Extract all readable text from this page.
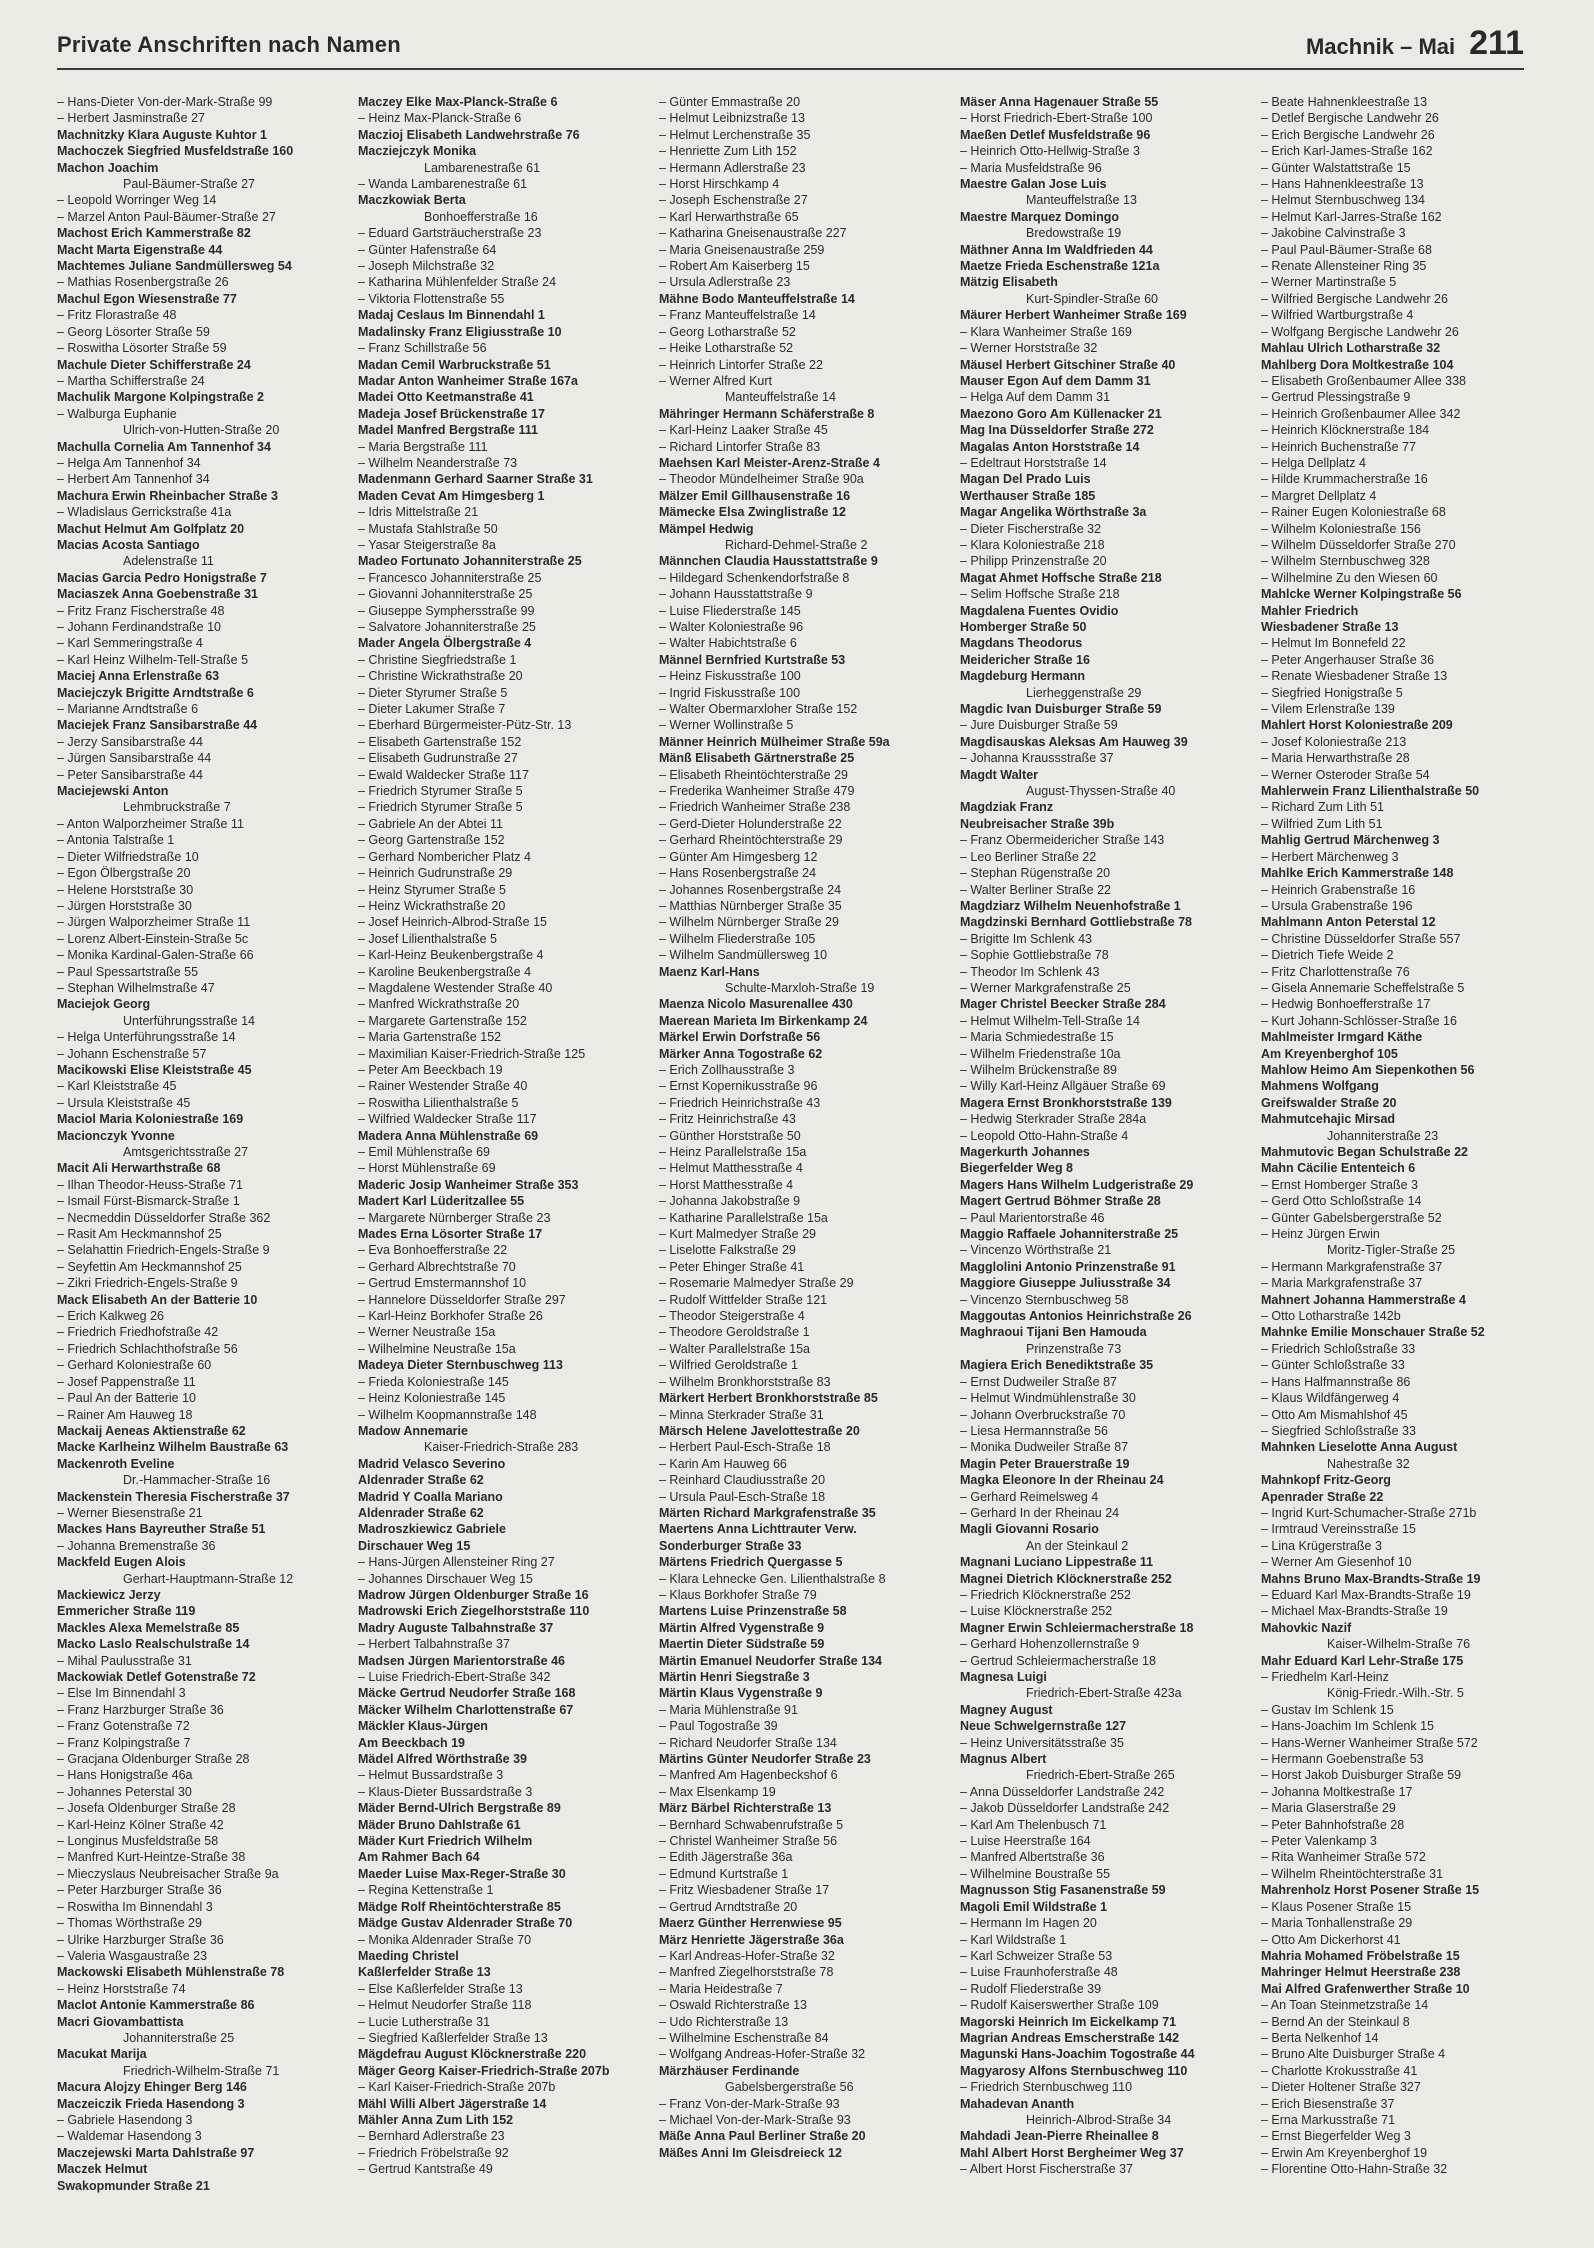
Private Anschriften nach Namen	Machnik – Mai 211
– Hans-Dieter Von-der-Mark-Straße 99
– Herbert Jasminstraße 27
Machnitzky Klara Auguste Kuhtor 1
Machoczek Siegfried Musfeldstraße 160
Machon Joachim
Paul-Bäumer-Straße 27
– Leopold Worringer Weg 14
– Marzel Anton Paul-Bäumer-Straße 27
Machost Erich Kammerstraße 82
Macht Marta Eigenstraße 44
Machtemes Juliane Sandmüllersweg 54
– Mathias Rosenbergstraße 26
Machul Egon Wiesenstraße 77
– Fritz Florastraße 48
– Georg Lösorter Straße 59
– Roswitha Lösorter Straße 59
Machule Dieter Schifferstraße 24
– Martha Schifferstraße 24
Machulik Margone Kolpingstraße 2
– Walburga Euphanie
Ulrich-von-Hutten-Straße 20
Machulla Cornelia Am Tannenhof 34
– Helga Am Tannenhof 34
– Herbert Am Tannenhof 34
Machura Erwin Rheinbacher Straße 3
– Wladislaus Gerrickstraße 41a
Machut Helmut Am Golfplatz 20
Macias Acosta Santiago
Adelenstraße 11
Macias Garcia Pedro Honigstraße 7
Maciaszek Anna Goebenstraße 31
– Fritz Franz Fischerstraße 48
– Johann Ferdinandstraße 10
– Karl Semmeringstraße 4
– Karl Heinz Wilhelm-Tell-Straße 5
Maciej Anna Erlenstraße 63
Maciejczyk Brigitte Arndtstraße 6
– Marianne Arndtstraße 6
Maciejek Franz Sansibarstraße 44
– Jerzy Sansibarstraße 44
– Jürgen Sansibarstraße 44
– Peter Sansibarstraße 44
Maciejewski Anton
Lehmbruckstraße 7
– Anton Walporzheimer Straße 11
– Antonia Talstraße 1
– Dieter Wilfriedstraße 10
– Egon Ölbergstraße 20
– Helene Horststraße 30
– Jürgen Horststraße 30
– Jürgen Walporzheimer Straße 11
– Lorenz Albert-Einstein-Straße 5c
– Monika Kardinal-Galen-Straße 66
– Paul Spessartstraße 55
– Stephan Wilhelmstraße 47
Maciejok Georg
Unterführungsstraße 14
– Helga Unterführungsstraße 14
– Johann Eschenstraße 57
Macikowski Elise Kleiststraße 45
– Karl Kleiststraße 45
– Ursula Kleiststraße 45
Maciol Maria Koloniestraße 169
Macionczyk Yvonne
Amtsgerichtsstraße 27
Macit Ali Herwarthstraße 68
– Ilhan Theodor-Heuss-Straße 71
– Ismail Fürst-Bismarck-Straße 1
– Necmeddin Düsseldorfer Straße 362
– Rasit Am Heckmannshof 25
– Selahattin Friedrich-Engels-Straße 9
– Seyfettin Am Heckmannshof 25
– Zikri Friedrich-Engels-Straße 9
Mack Elisabeth An der Batterie 10
– Erich Kalkweg 26
– Friedrich Friedhofstraße 42
– Friedrich Schlachthofstraße 56
– Gerhard Koloniestraße 60
– Josef Pappenstraße 11
– Paul An der Batterie 10
– Rainer Am Hauweg 18
Mackaij Aeneas Aktienstraße 62
Macke Karlheinz Wilhelm Baustraße 63
Mackenroth Eveline
Dr.-Hammacher-Straße 16
Mackenstein Theresia Fischerstraße 37
– Werner Biesenstraße 21
Mackes Hans Bayreuther Straße 51
– Johanna Bremenstraße 36
Mackfeld Eugen Alois
Gerhart-Hauptmann-Straße 12
Mackiewicz Jerzy
Emmericher Straße 119
Mackles Alexa Memelstraße 85
Macko Laslo Realschulstraße 14
– Mihal Paulusstraße 31
Mackowiak Detlef Gotenstraße 72
– Else Im Binnendahl 3
– Franz Harzburger Straße 36
– Franz Gotenstraße 72
– Franz Kolpingstraße 7
– Gracjana Oldenburger Straße 28
– Hans Honigstraße 46a
– Johannes Peterstal 30
– Josefa Oldenburger Straße 28
– Karl-Heinz Kölner Straße 42
– Longinus Musfeldstraße 58
– Manfred Kurt-Heintze-Straße 38
– Mieczyslaus Neubreisacher Straße 9a
– Peter Harzburger Straße 36
– Roswitha Im Binnendahl 3
– Thomas Wörthstraße 29
– Ulrike Harzburger Straße 36
– Valeria Wasgaustraße 23
Mackowski Elisabeth Mühlenstraße 78
– Heinz Horststraße 74
Maclot Antonie Kammerstraße 86
Macri Giovambattista
Johanniterstraße 25
Macukat Marija
Friedrich-Wilhelm-Straße 71
Macura Alojzy Ehinger Berg 146
Maczeiczik Frieda Hasendong 3
– Gabriele Hasendong 3
– Waldemar Hasendong 3
Maczejewski Marta Dahlstraße 97
Maczek Helmut
Swakopmunder Straße 21
Maczey Elke Max-Planck-Straße 6
– Heinz Max-Planck-Straße 6
Maczioj Elisabeth Landwehrstraße 76
Macziejczyk Monika
Lambarenestraße 61
– Wanda Lambarenestraße 61
Maczkowiak Berta
Bonhoefferstraße 16
– Eduard Gartsträucherstraße 23
– Günter Hafenstraße 64
– Joseph Milchstraße 32
– Katharina Mühlenfelder Straße 24
– Viktoria Flottenstraße 55
Madaj Ceslaus Im Binnendahl 1
Madalinsky Franz Eligiusstraße 10
– Franz Schillstraße 56
Madan Cemil Warbruckstraße 51
Madar Anton Wanheimer Straße 167a
Madei Otto Keetmanstraße 41
Madeja Josef Brückenstraße 17
Madel Manfred Bergstraße 111
– Maria Bergstraße 111
– Wilhelm Neanderstraße 73
Madenmann Gerhard Saarner Straße 31
Maden Cevat Am Himgesberg 1
– Idris Mittelstraße 21
– Mustafa Stahlstraße 50
– Yasar Steigerstraße 8a
Madeo Fortunato Johanniterstraße 25
– Francesco Johanniterstraße 25
– Giovanni Johanniterstraße 25
– Giuseppe Symphersstraße 99
– Salvatore Johanniterstraße 25
Mader Angela Ölbergstraße 4
– Christine Siegfriedstraße 1
– Christine Wickrathstraße 20
– Dieter Styrumer Straße 5
– Dieter Lakumer Straße 7
– Eberhard Bürgermeister-Pütz-Str. 13
– Elisabeth Gartenstraße 152
– Elisabeth Gudrunstraße 27
– Ewald Waldecker Straße 117
– Friedrich Styrumer Straße 5
– Friedrich Styrumer Straße 5
– Gabriele An der Abtei 11
– Georg Gartenstraße 152
– Gerhard Nombericher Platz 4
– Heinrich Gudrunstraße 29
– Heinz Styrumer Straße 5
– Heinz Wickrathstraße 20
– Josef Heinrich-Albrod-Straße 15
– Josef Lilienthalstraße 5
– Karl-Heinz Beukenbergstraße 4
– Karoline Beukenbergstraße 4
– Magdalene Westender Straße 40
– Manfred Wickrathstraße 20
– Margarete Gartenstraße 152
– Maria Gartenstraße 152
– Maximilian Kaiser-Friedrich-Straße 125
– Peter Am Beeckbach 19
– Rainer Westender Straße 40
– Roswitha Lilienthalstraße 5
– Wilfried Waldecker Straße 117
Madera Anna Mühlenstraße 69
– Emil Mühlenstraße 69
– Horst Mühlenstraße 69
Maderic Josip Wanheimer Straße 353
Madert Karl Lüderitzallee 55
– Margarete Nürnberger Straße 23
Mades Erna Lösorter Straße 17
– Eva Bonhoefferstraße 22
– Gerhard Albrechtstraße 70
– Gertrud Emstermannshof 10
– Hannelore Düsseldorfer Straße 297
– Karl-Heinz Borkhofer Straße 26
– Werner Neustraße 15a
– Wilhelmine Neustraße 15a
Madeya Dieter Sternbuschweg 113
– Frieda Koloniestraße 145
– Heinz Koloniestraße 145
– Wilhelm Koopmannstraße 148
Madow Annemarie
Kaiser-Friedrich-Straße 283
Madrid Velasco Severino
Aldenrader Straße 62
Madrid Y Coalla Mariano
Aldenrader Straße 62
Madroszkiewicz Gabriele
Dirschauer Weg 15
– Hans-Jürgen Allensteiner Ring 27
– Johannes Dirschauer Weg 15
Madrow Jürgen Oldenburger Straße 16
Madrowski Erich Ziegelhorststraße 110
Madry Auguste Talbahnstraße 37
– Herbert Talbahnstraße 37
Madsen Jürgen Marientorstraße 46
– Luise Friedrich-Ebert-Straße 342
Mäcke Gertrud Neudorfer Straße 168
Mäcker Wilhelm Charlottenstraße 67
Mäckler Klaus-Jürgen
Am Beeckbach 19
Mädel Alfred Wörthstraße 39
– Helmut Bussardstraße 3
– Klaus-Dieter Bussardstraße 3
Mäder Bernd-Ulrich Bergstraße 89
Mäder Bruno Dahlstraße 61
Mäder Kurt Friedrich Wilhelm
Am Rahmer Bach 64
Maeder Luise Max-Reger-Straße 30
– Regina Kettenstraße 1
Mädge Rolf Rheintöchterstraße 85
Mädge Gustav Aldenrader Straße 70
– Monika Aldenrader Straße 70
Maeding Christel
Kaßlerfelder Straße 13
– Else Kaßlerfelder Straße 13
– Helmut Neudorfer Straße 118
– Lucie Lutherstraße 31
– Siegfried Kaßlerfelder Straße 13
Mägdefrau August Klöcknerstraße 220
Mäger Georg Kaiser-Friedrich-Straße 207b
– Karl Kaiser-Friedrich-Straße 207b
Mähl Willi Albert Jägerstraße 14
Mähler Anna Zum Lith 152
– Bernhard Adlerstraße 23
– Friedrich Fröbelstraße 92
– Gertrud Kantstraße 49
– Günter Emmastraße 20
– Helmut Leibnizstraße 13
– Helmut Lerchenstraße 35
– Henriette Zum Lith 152
– Hermann Adlerstraße 23
– Horst Hirschkamp 4
– Joseph Eschenstraße 27
– Karl Herwarthstraße 65
– Katharina Gneisenaustraße 227
– Maria Gneisenaustraße 259
– Robert Am Kaiserberg 15
– Ursula Adlerstraße 23
Mähne Bodo Manteuffelstraße 14
– Franz Manteuffelstraße 14
– Georg Lotharstraße 52
– Heike Lotharstraße 52
– Heinrich Lintorfer Straße 22
– Werner Alfred Kurt
Manteuffelstraße 14
Mähringer Hermann Schäferstraße 8
– Karl-Heinz Laaker Straße 45
– Richard Lintorfer Straße 83
Maehsen Karl Meister-Arenz-Straße 4
– Theodor Mündelheimer Straße 90a
Mälzer Emil Gillhausenstraße 16
Mämecke Elsa Zwinglistraße 12
Mämpel Hedwig
Richard-Dehmel-Straße 2
Männchen Claudia Hausstattstraße 9
– Hildegard Schenkendorfstraße 8
– Johann Hausstattstraße 9
– Luise Fliederstraße 145
– Walter Koloniestraße 96
– Walter Habichtstraße 6
Männel Bernfried Kurtstraße 53
– Heinz Fiskusstraße 100
– Ingrid Fiskusstraße 100
– Walter Obermarxloher Straße 152
– Werner Wollinstraße 5
Männer Heinrich Mülheimer Straße 59a
Mänß Elisabeth Gärtnerstraße 25
– Elisabeth Rheintöchterstraße 29
– Frederika Wanheimer Straße 479
– Friedrich Wanheimer Straße 238
– Gerd-Dieter Holunderstraße 22
– Gerhard Rheintöchterstraße 29
– Günter Am Himgesberg 12
– Hans Rosenbergstraße 24
– Johannes Rosenbergstraße 24
– Matthias Nürnberger Straße 35
– Wilhelm Nürnberger Straße 29
– Wilhelm Fliederstraße 105
– Wilhelm Sandmüllersweg 10
Maenz Karl-Hans
Schulte-Marxloh-Straße 19
Maenza Nicolo Masurenallee 430
Maerean Marieta Im Birkenkamp 24
Märkel Erwin Dorfstraße 56
Märker Anna Togostraße 62
– Erich Zollhausstraße 3
– Ernst Kopernikusstraße 96
– Friedrich Heinrichstraße 43
– Fritz Heinrichstraße 43
– Günther Horststraße 50
– Heinz Parallelstraße 15a
– Helmut Matthesstraße 4
– Horst Matthesstraße 4
– Johanna Jakobstraße 9
– Katharine Parallelstraße 15a
– Kurt Malmedyer Straße 29
– Liselotte Falkstraße 29
– Peter Ehinger Straße 41
– Rosemarie Malmedyer Straße 29
– Rudolf Wittfelder Straße 121
– Theodor Steigerstraße 4
– Theodore Geroldstraße 1
– Walter Parallelstraße 15a
– Wilfried Geroldstraße 1
– Wilhelm Bronkhorststraße 83
Märkert Herbert Bronkhorststraße 85
– Minna Sterkrader Straße 31
Märsch Helene Javelottestraße 20
– Herbert Paul-Esch-Straße 18
– Karin Am Hauweg 66
– Reinhard Claudiusstraße 20
– Ursula Paul-Esch-Straße 18
Märten Richard Markgrafenstraße 35
Maertens Anna Lichttrauter Verw.
Sonderburger Straße 33
Märtens Friedrich Quergasse 5
– Klara Lehnecke Gen. Lilienthalstraße 8
– Klaus Borkhofer Straße 79
Martens Luise Prinzenstraße 58
Märtin Alfred Vygenstraße 9
Maertin Dieter Südstraße 59
Märtin Emanuel Neudorfer Straße 134
Märtin Henri Siegstraße 3
Märtin Klaus Vygenstraße 9
– Maria Mühlenstraße 91
– Paul Togostraße 39
– Richard Neudorfer Straße 134
Märtins Günter Neudorfer Straße 23
– Manfred Am Hagenbeckshof 6
– Max Elsenkamp 19
März Bärbel Richterstraße 13
– Bernhard Schwabenrufstraße 5
– Christel Wanheimer Straße 56
– Edith Jägerstraße 36a
– Edmund Kurtstraße 1
– Fritz Wiesbadener Straße 17
– Gertrud Arndtstraße 20
Maerz Günther Herrenwiese 95
März Henriette Jägerstraße 36a
– Karl Andreas-Hofer-Straße 32
– Manfred Ziegelhorststraße 78
– Maria Heidestraße 7
– Oswald Richterstraße 13
– Udo Richterstraße 13
– Wilhelmine Eschenstraße 84
– Wolfgang Andreas-Hofer-Straße 32
Märzhäuser Ferdinande
Gabelsbergerstraße 56
– Franz Von-der-Mark-Straße 93
– Michael Von-der-Mark-Straße 93
Mäße Anna Paul Berliner Straße 20
Mäßes Anni Im Gleisdreieck 12
Mäser Anna Hagenauer Straße 55
– Horst Friedrich-Ebert-Straße 100
Maeßen Detlef Musfeldstraße 96
– Heinrich Otto-Hellwig-Straße 3
– Maria Musfeldstraße 96
Maestre Galan Jose Luis
Manteuffelstraße 13
Maestre Marquez Domingo
Bredowstraße 19
Mäthner Anna Im Waldfrieden 44
Maetze Frieda Eschenstraße 121a
Mätzig Elisabeth
Kurt-Spindler-Straße 60
Mäurer Herbert Wanheimer Straße 169
– Klara Wanheimer Straße 169
– Werner Horststraße 32
Mäusel Herbert Gitschiner Straße 40
Mauser Egon Auf dem Damm 31
– Helga Auf dem Damm 31
Maezono Goro Am Küllenacker 21
Mag Ina Düsseldorfer Straße 272
Magalas Anton Horststraße 14
– Edeltraut Horststraße 14
Magan Del Prado Luis
Werthauser Straße 185
Magar Angelika Wörthstraße 3a
– Dieter Fischerstraße 32
– Klara Koloniestraße 218
– Philipp Prinzenstraße 20
Magat Ahmet Hoffsche Straße 218
– Selim Hoffsche Straße 218
Magdalena Fuentes Ovidio
Homberger Straße 50
Magdans Theodorus
Meidericher Straße 16
Magdeburg Hermann
Lierheggenstraße 29
Magdic Ivan Duisburger Straße 59
– Jure Duisburger Straße 59
Magdisauskas Aleksas Am Hauweg 39
– Johanna Kraussstraße 37
Magdt Walter
August-Thyssen-Straße 40
Magdziak Franz
Neubreisacher Straße 39b
– Franz Obermeidericher Straße 143
– Leo Berliner Straße 22
– Stephan Rügenstraße 20
– Walter Berliner Straße 22
Magdziarz Wilhelm Neuenhofstraße 1
Magdzinski Bernhard Gottliebstraße 78
– Brigitte Im Schlenk 43
– Sophie Gottliebstraße 78
– Theodor Im Schlenk 43
– Werner Markgrafenstraße 25
Mager Christel Beecker Straße 284
– Helmut Wilhelm-Tell-Straße 14
– Maria Schmiedestraße 15
– Wilhelm Friedenstraße 10a
– Wilhelm Brückenstraße 89
– Willy Karl-Heinz Allgäuer Straße 69
Magera Ernst Bronkhorststraße 139
– Hedwig Sterkrader Straße 284a
– Leopold Otto-Hahn-Straße 4
Magerkurth Johannes
Biegerfelder Weg 8
Magers Hans Wilhelm Ludgeristraße 29
Magert Gertrud Böhmer Straße 28
– Paul Marientorstraße 46
Maggio Raffaele Johanniterstraße 25
– Vincenzo Wörthstraße 21
Magglolini Antonio Prinzenstraße 91
Maggiore Giuseppe Juliusstraße 34
– Vincenzo Sternbuschweg 58
Maggoutas Antonios Heinrichstraße 26
Maghraoui Tijani Ben Hamouda
Prinzenstraße 73
Magiera Erich Benediktstraße 35
– Ernst Dudweiler Straße 87
– Helmut Windmühlenstraße 30
– Johann Overbruckstraße 70
– Liesa Hermannstraße 56
– Monika Dudweiler Straße 87
Magin Peter Brauerstraße 19
Magka Eleonore In der Rheinau 24
– Gerhard Reimelsweg 4
– Gerhard In der Rheinau 24
Magli Giovanni Rosario
An der Steinkaul 2
Magnani Luciano Lippestraße 11
Magnei Dietrich Klöcknerstraße 252
– Friedrich Klöcknerstraße 252
– Luise Klöcknerstraße 252
Magner Erwin Schleiermacherstraße 18
– Gerhard Hohenzollernstraße 9
– Gertrud Schleiermacherstraße 18
Magnesa Luigi
Friedrich-Ebert-Straße 423a
Magney August
Neue Schwelgernstraße 127
– Heinz Universitätsstraße 35
Magnus Albert
Friedrich-Ebert-Straße 265
– Anna Düsseldorfer Landstraße 242
– Jakob Düsseldorfer Landstraße 242
– Karl Am Thelenbusch 71
– Luise Heerstraße 164
– Manfred Albertstraße 36
– Wilhelmine Boustraße 55
Magnusson Stig Fasanenstraße 59
Magoli Emil Wildstraße 1
– Hermann Im Hagen 20
– Karl Wildstraße 1
– Karl Schweizer Straße 53
– Luise Fraunhoferstraße 48
– Rudolf Fliederstraße 39
– Rudolf Kaiserswerther Straße 109
Magorski Heinrich Im Eickelkamp 71
Magrian Andreas Emscherstraße 142
Magunski Hans-Joachim Togostraße 44
Magyarosy Alfons Sternbuschweg 110
– Friedrich Sternbuschweg 110
Mahadevan Ananth
Heinrich-Albrod-Straße 34
Mahdadi Jean-Pierre Rheinallee 8
Mahl Albert Horst Bergheimer Weg 37
– Albert Horst Fischerstraße 37
– Beate Hahnenkleestraße 13
– Detlef Bergische Landwehr 26
– Erich Bergische Landwehr 26
– Erich Karl-James-Straße 162
– Günter Walstattstraße 15
– Hans Hahnenkleestraße 13
– Helmut Sternbuschweg 134
– Helmut Karl-Jarres-Straße 162
– Jakobine Calvinstraße 3
– Paul Paul-Bäumer-Straße 68
– Renate Allensteiner Ring 35
– Werner Martinstraße 5
– Wilfried Bergische Landwehr 26
– Wilfried Wartburgstraße 4
– Wolfgang Bergische Landwehr 26
Mahlau Ulrich Lotharstraße 32
Mahlberg Dora Moltkestraße 104
– Elisabeth Großenbaumer Allee 338
– Gertrud Plessingstraße 9
– Heinrich Großenbaumer Allee 342
– Heinrich Klöcknerstraße 184
– Heinrich Buchenstraße 77
– Helga Dellplatz 4
– Hilde Krummacherstraße 16
– Margret Dellplatz 4
– Rainer Eugen Koloniestraße 68
– Wilhelm Koloniestraße 156
– Wilhelm Düsseldorfer Straße 270
– Wilhelm Sternbuschweg 328
– Wilhelmine Zu den Wiesen 60
Mahlcke Werner Kolpingstraße 56
Mahler Friedrich
Wiesbadener Straße 13
– Helmut Im Bonnefeld 22
– Peter Angerhauser Straße 36
– Renate Wiesbadener Straße 13
– Siegfried Honigstraße 5
– Vilem Erlenstraße 139
Mahlert Horst Koloniestraße 209
– Josef Koloniestraße 213
– Maria Herwarthstraße 28
– Werner Osteroder Straße 54
Mahlerwein Franz Lilienthalstraße 50
– Richard Zum Lith 51
– Wilfried Zum Lith 51
Mahlig Gertrud Märchenweg 3
– Herbert Märchenweg 3
Mahlke Erich Kammerstraße 148
– Heinrich Grabenstraße 16
– Ursula Grabenstraße 196
Mahlmann Anton Peterstal 12
– Christine Düsseldorfer Straße 557
– Dietrich Tiefe Weide 2
– Fritz Charlottenstraße 76
– Gisela Annemarie Scheffelstraße 5
– Hedwig Bonhoefferstraße 17
– Kurt Johann-Schlösser-Straße 16
Mahlmeister Irmgard Käthe
Am Kreyenberghof 105
Mahlow Heimo Am Siepenkothen 56
Mahmens Wolfgang
Greifswalder Straße 20
Mahmutcehajic Mirsad
Johanniterstraße 23
Mahmutovic Began Schulstraße 22
Mahn Cäcilie Ententeich 6
– Ernst Homberger Straße 3
– Gerd Otto Schloßstraße 14
– Günter Gabelsbergerstraße 52
– Heinz Jürgen Erwin
Moritz-Tigler-Straße 25
– Hermann Markgrafenstraße 37
– Maria Markgrafenstraße 37
Mahnert Johanna Hammerstraße 4
– Otto Lotharstraße 142b
Mahnke Emilie Monschauer Straße 52
– Friedrich Schloßstraße 33
– Günter Schloßstraße 33
– Hans Halfmannstraße 86
– Klaus Wildfängerweg 4
– Otto Am Mismahlshof 45
– Siegfried Schloßstraße 33
Mahnken Lieselotte Anna August
Nahestraße 32
Mahnkopf Fritz-Georg
Apenrader Straße 22
– Ingrid Kurt-Schumacher-Straße 271b
– Irmtraud Vereinsstraße 15
– Lina Krügerstraße 3
– Werner Am Giesenhof 10
Mahns Bruno Max-Brandts-Straße 19
– Eduard Karl Max-Brandts-Straße 19
– Michael Max-Brandts-Straße 19
Mahovkic Nazif
Kaiser-Wilhelm-Straße 76
Mahr Eduard Karl Lehr-Straße 175
– Friedhelm Karl-Heinz
König-Friedr.-Wilh.-Str. 5
– Gustav Im Schlenk 15
– Hans-Joachim Im Schlenk 15
– Hans-Werner Wanheimer Straße 572
– Hermann Goebenstraße 53
– Horst Jakob Duisburger Straße 59
– Johanna Moltkestraße 17
– Maria Glaserstraße 29
– Peter Bahnhofstraße 28
– Peter Valenkamp 3
– Rita Wanheimer Straße 572
– Wilhelm Rheintöchterstraße 31
Mahrenholz Horst Posener Straße 15
– Klaus Posener Straße 15
– Maria Tonhallenstraße 29
– Otto Am Dickerhorst 41
Mahria Mohamed Fröbelstraße 15
Mahringer Helmut Heerstraße 238
Mai Alfred Grafenwerther Straße 10
– An Toan Steinmetzstraße 14
– Bernd An der Steinkaul 8
– Berta Nelkenhof 14
– Bruno Alte Duisburger Straße 4
– Charlotte Krokusstraße 41
– Dieter Holtener Straße 327
– Erich Biesenstraße 37
– Erna Markusstraße 71
– Ernst Biegerfelder Weg 3
– Erwin Am Kreyenberghof 19
– Florentine Otto-Hahn-Straße 32
